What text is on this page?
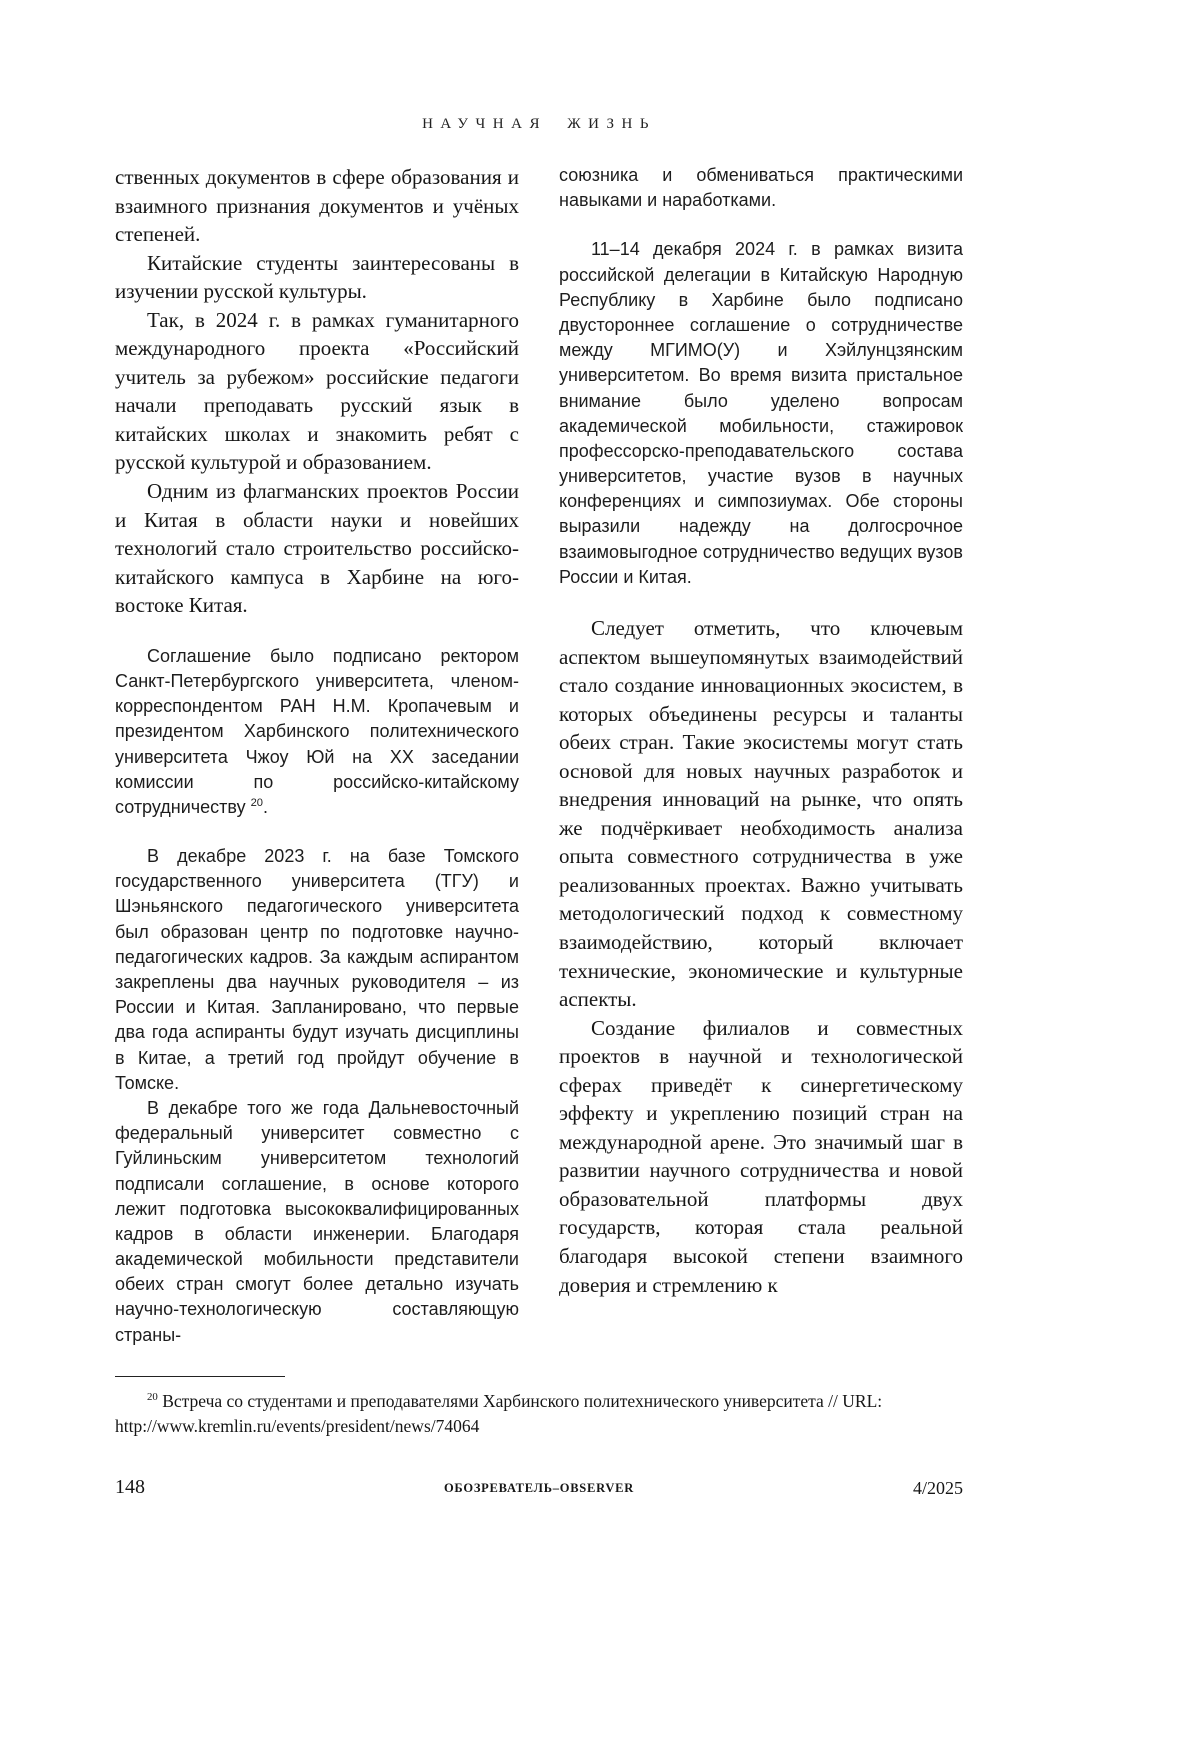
НАУЧНАЯ ЖИЗНЬ

ственных документов в сфере образования и взаимного признания документов и учёных степеней.

Китайские студенты заинтересованы в изучении русской культуры.

Так, в 2024 г. в рамках гуманитарного международного проекта «Российский учитель за рубежом» российские педагоги начали преподавать русский язык в китайских школах и знакомить ребят с русской культурой и образованием.

Одним из флагманских проектов России и Китая в области науки и новейших технологий стало строительство российско-китайского кампуса в Харбине на юго-востоке Китая.

Соглашение было подписано ректором Санкт-Петербургского университета, членом-корреспондентом РАН Н.М. Кропачевым и президентом Харбинского политехнического университета Чжоу Юй на XX заседании комиссии по российско-китайскому сотрудничеству $^{20}$.

В декабре 2023 г. на базе Томского государственного университета (ТГУ) и Шэньянского педагогического университета был образован центр по подготовке научно-педагогических кадров. За каждым аспирантом закреплены два научных руководителя – из России и Китая. Запланировано, что первые два года аспиранты будут изучать дисциплины в Китае, а третий год пройдут обучение в Томске.

В декабре того же года Дальневосточный федеральный университет совместно с Гуйлиньским университетом технологий подписали соглашение, в основе которого лежит подготовка высококвалифицированных кадров в области инженерии. Благодаря академической мобильности представители обеих стран смогут более детально изучать научно-технологическую составляющую страны-

союзника и обмениваться практическими навыками и наработками.

11–14 декабря 2024 г. в рамках визита российской делегации в Китайскую Народную Республику в Харбине было подписано двустороннее соглашение о сотрудничестве между МГИМО(У) и Хэйлунцзянским университетом. Во время визита пристальное внимание было уделено вопросам академической мобильности, стажировок профессорско-преподавательского состава университетов, участие вузов в научных конференциях и симпозиумах. Обе стороны выразили надежду на долгосрочное взаимовыгодное сотрудничество ведущих вузов России и Китая.

Следует отметить, что ключевым аспектом вышеупомянутых взаимодействий стало создание инновационных экосистем, в которых объединены ресурсы и таланты обеих стран. Такие экосистемы могут стать основой для новых научных разработок и внедрения инноваций на рынке, что опять же подчёркивает необходимость анализа опыта совместного сотрудничества в уже реализованных проектах. Важно учитывать методологический подход к совместному взаимодействию, который включает технические, экономические и культурные аспекты.

Создание филиалов и совместных проектов в научной и технологической сферах приведёт к синергетическому эффекту и укреплению позиций стран на международной арене. Это значимый шаг в развитии научного сотрудничества и новой образовательной платформы двух государств, которая стала реальной благодаря высокой степени взаимного доверия и стремлению к

$^{20}$ Встреча со студентами и преподавателями Харбинского политехнического университета // URL:
http://www.kremlin.ru/events/president/news/74064
148	ОБОЗРЕВАТЕЛЬ–OBSERVER	4/2025
